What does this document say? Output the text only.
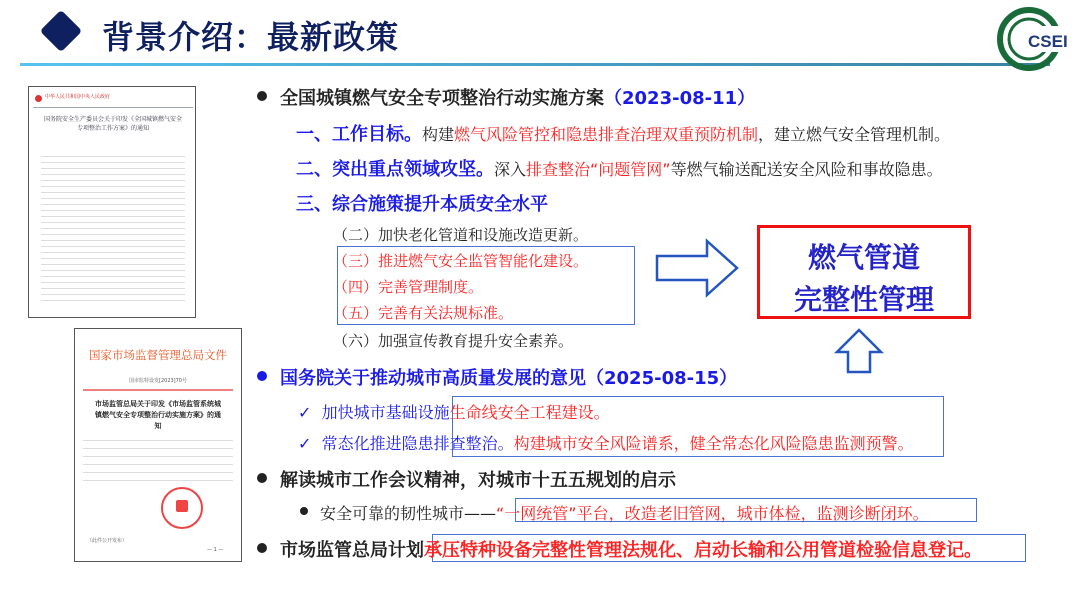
背景介绍：最新政策	CSEI
中华人民共和国中央人民政府
国务院安全生产委员会关于印发《全国城镇燃气安全专项整治工作方案》的通知
国家市场监督管理总局文件
国市监特设发[2023]70号
市场监管总局关于印发《市场监管系统城镇燃气安全专项整治行动实施方案》的通知
（此件公开发布）
— 1 —
全国城镇燃气安全专项整治行动实施方案（2023-08-11）
一、工作目标。构建燃气风险管控和隐患排查治理双重预防机制，建立燃气安全管理机制。
二、突出重点领域攻坚。深入排查整治“问题管网”等燃气输送配送安全风险和事故隐患。
三、综合施策提升本质安全水平
（二）加快老化管道和设施改造更新。
（三）推进燃气安全监管智能化建设。
（四）完善管理制度。
（五）完善有关法规标准。
（六）加强宣传教育提升安全素养。
燃气管道
完整性管理
国务院关于推动城市高质量发展的意见（2025-08-15）
✓  加快城市基础设施生命线安全工程建设。
✓  常态化推进隐患排查整治。构建城市安全风险谱系，健全常态化风险隐患监测预警。
解读城市工作会议精神，对城市十五五规划的启示
安全可靠的韧性城市——“一网统管”平台，改造老旧管网，城市体检，监测诊断闭环。
市场监管总局计划承压特种设备完整性管理法规化、启动长输和公用管道检验信息登记。
